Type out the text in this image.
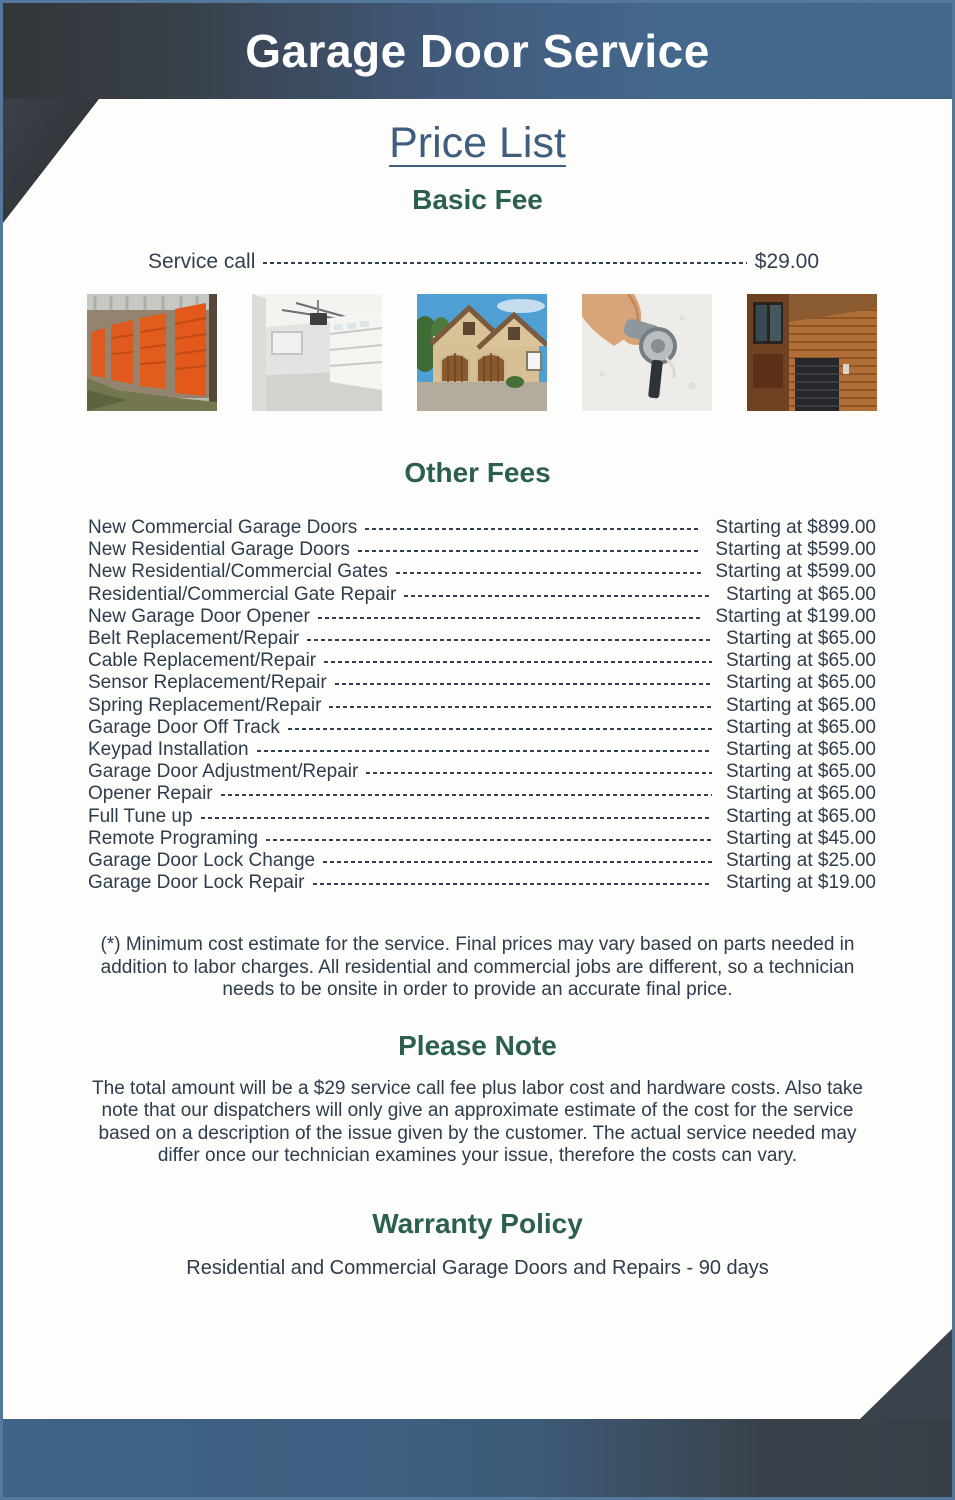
Garage Door Service
Price List
Basic Fee
Service call	$29.00
Other Fees
New Commercial Garage Doors	Starting at $899.00
New Residential Garage Doors	Starting at $599.00
New Residential/Commercial Gates	Starting at $599.00
Residential/Commercial Gate Repair	Starting at $65.00
New Garage Door Opener	Starting at $199.00
Belt Replacement/Repair	Starting at $65.00
Cable Replacement/Repair	Starting at $65.00
Sensor Replacement/Repair	Starting at $65.00
Spring Replacement/Repair	Starting at $65.00
Garage Door Off Track	Starting at $65.00
Keypad Installation	Starting at $65.00
Garage Door Adjustment/Repair	Starting at $65.00
Opener Repair	Starting at $65.00
Full Tune up	Starting at $65.00
Remote Programing	Starting at $45.00
Garage Door Lock Change	Starting at $25.00
Garage Door Lock Repair	Starting at $19.00
(*) Minimum cost estimate for the service. Final prices may vary based on parts needed in addition to labor charges. All residential and commercial jobs are different, so a technician needs to be onsite in order to provide an accurate final price.
Please Note
The total amount will be a $29 service call fee plus labor cost and hardware costs. Also take note that our dispatchers will only give an approximate estimate of the cost for the service based on a description of the issue given by the customer. The actual service needed may differ once our technician examines your issue, therefore the costs can vary.
Warranty Policy
Residential and Commercial Garage Doors and Repairs - 90 days
